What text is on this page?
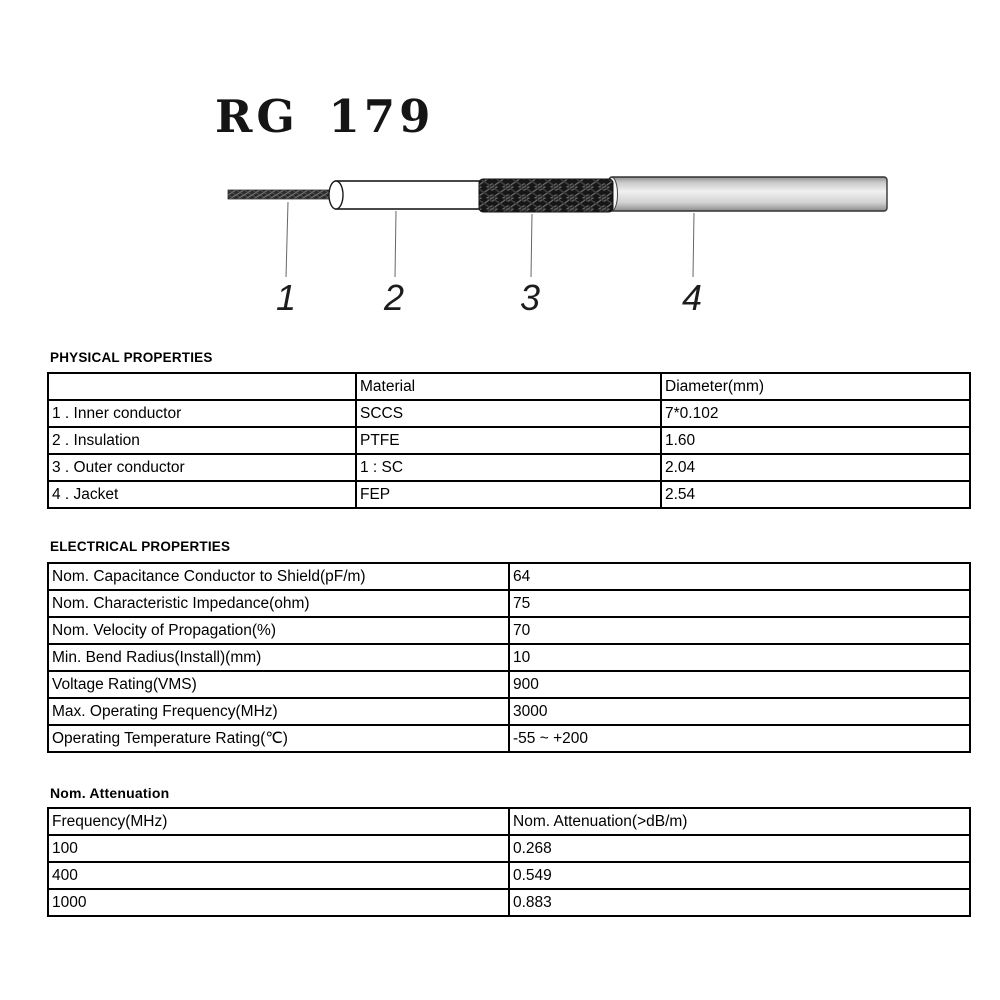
RG 179
1 2	3	4
PHYSICAL PROPERTIES
	Material	Diameter(mm)
1 . Inner conductor	SCCS	7*0.102
2 . Insulation	PTFE	1.60
3 . Outer conductor	1 : SC	2.04
4 . Jacket	FEP	2.54
ELECTRICAL PROPERTIES
Nom. Capacitance Conductor to Shield(pF/m)	64
Nom. Characteristic Impedance(ohm)	75
Nom. Velocity of Propagation(%)	70
Min. Bend Radius(Install)(mm)	10
Voltage Rating(VMS)	900
Max. Operating Frequency(MHz)	3000
Operating Temperature Rating(℃)	-55 ~ +200
Nom. Attenuation
Frequency(MHz)	Nom. Attenuation(>dB/m)
100	0.268
400	0.549
1000	0.883
